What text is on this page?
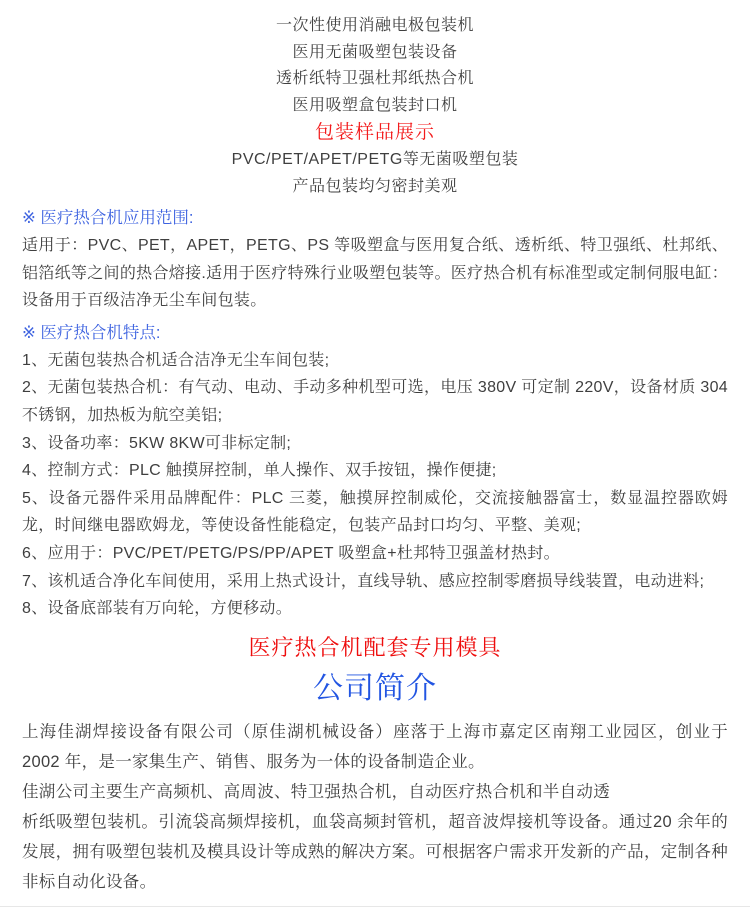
一次性使用消融电极包装机
医用无菌吸塑包装设备
透析纸特卫强杜邦纸热合机
医用吸塑盒包装封口机
包装样品展示
PVC/PET/APET/PETG等无菌吸塑包装
产品包装均匀密封美观
※ 医疗热合机应用范围:

适用于：PVC、PET，APET，PETG、PS 等吸塑盒与医用复合纸、透析纸、特卫强纸、杜邦纸、铝箔纸等之间的热合熔接.适用于医疗特殊行业吸塑包装等。医疗热合机有标准型或定制伺服电缸：设备用于百级洁净无尘车间包装。

※ 医疗热合机特点:

1、无菌包装热合机适合洁净无尘车间包装;

2、无菌包装热合机：有气动、电动、手动多种机型可选，电压 380V 可定制 220V，设备材质 304不锈钢，加热板为航空美铝;

3、设备功率：5KW 8KW可非标定制;

4、控制方式：PLC 触摸屏控制，单人操作、双手按钮，操作便捷;

5、设备元器件采用品牌配件：PLC 三菱，触摸屏控制威伦，交流接触器富士，数显温控器欧姆龙，时间继电器欧姆龙，等使设备性能稳定，包装产品封口均匀、平整、美观;

6、应用于：PVC/PET/PETG/PS/PP/APET 吸塑盒+杜邦特卫强盖材热封。

7、该机适合净化车间使用，采用上热式设计，直线导轨、感应控制零磨损导线装置，电动进料;

8、设备底部装有万向轮，方便移动。

医疗热合机配套专用模具
公司简介

上海佳湖焊接设备有限公司（原佳湖机械设备）座落于上海市嘉定区南翔工业园区，创业于 2002 年，是一家集生产、销售、服务为一体的设备制造企业。

佳湖公司主要生产高频机、高周波、特卫强热合机，自动医疗热合机和半自动透
析纸吸塑包装机。引流袋高频焊接机，血袋高频封管机，超音波焊接机等设备。通过20 余年的发展，拥有吸塑包装机及模具设计等成熟的解决方案。可根据客户需求开发新的产品，定制各种非标自动化设备。
